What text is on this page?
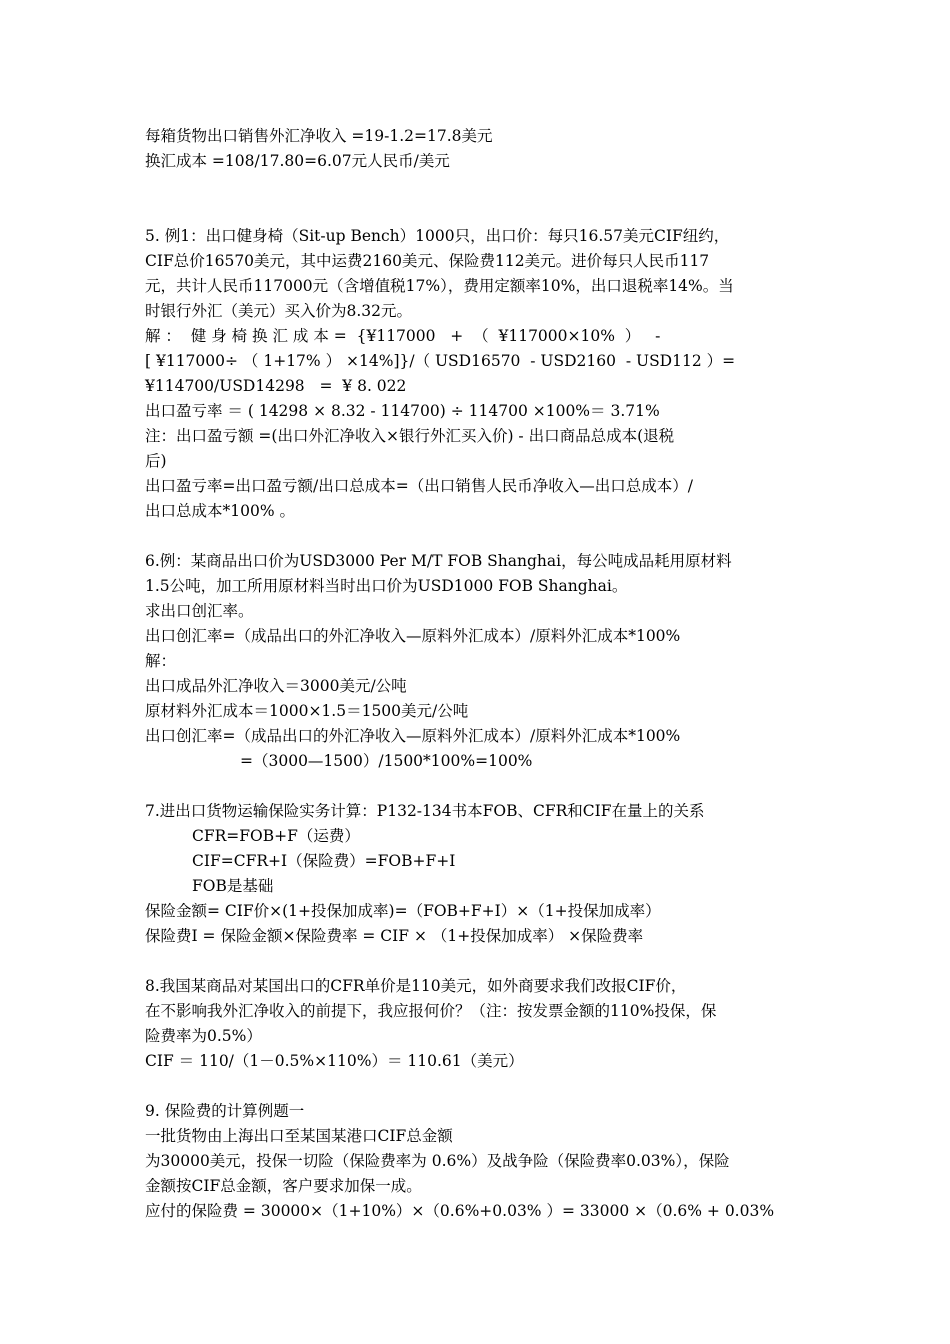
每箱货物出口销售外汇净收入 =19-1.2=17.8美元
换汇成本 =108/17.80=6.07元人民币/美元
5. 例1：出口健身椅（Sit-up Bench）1000只，出口价：每只16.57美元CIF纽约，
CIF总价16570美元，其中运费2160美元、保险费112美元。进价每只人民币117
元，共计人民币117000元（含增值税17%），费用定额率10%，出口退税率14%。当
时银行外汇（美元）买入价为8.32元。
解 ：  健 身 椅 换 汇 成 本 =  {¥117000   +  （  ¥117000×10%  ）   -
[ ¥117000÷ （ 1+17% ） ×14%]}/（ USD16570  - USD2160  - USD112 ）=
¥114700/USD14298   =  ¥ 8. 022
出口盈亏率 ＝ ( 14298 × 8.32 - 114700) ÷ 114700 ×100%＝ 3.71%
注：出口盈亏额 =(出口外汇净收入×银行外汇买入价) - 出口商品总成本(退税
后)
出口盈亏率=出口盈亏额/出口总成本=（出口销售人民币净收入—出口总成本）/
出口总成本*100% 。
6.例：某商品出口价为USD3000 Per M/T FOB Shanghai，每公吨成品耗用原材料
1.5公吨，加工所用原材料当时出口价为USD1000 FOB Shanghai。
求出口创汇率。
出口创汇率=（成品出口的外汇净收入—原料外汇成本）/原料外汇成本*100%
解：
出口成品外汇净收入＝3000美元/公吨
原材料外汇成本＝1000×1.5＝1500美元/公吨
出口创汇率=（成品出口的外汇净收入—原料外汇成本）/原料外汇成本*100%
=（3000—1500）/1500*100%=100%
7.进出口货物运输保险实务计算：P132-134书本FOB、CFR和CIF在量上的关系
CFR=FOB+F（运费）
CIF=CFR+I（保险费）=FOB+F+I
FOB是基础
保险金额= CIF价×(1+投保加成率)=（FOB+F+I）×（1+投保加成率）
保险费I = 保险金额×保险费率 = CIF × （1+投保加成率） ×保险费率
8.我国某商品对某国出口的CFR单价是110美元，如外商要求我们改报CIF价，
在不影响我外汇净收入的前提下，我应报何价？（注：按发票金额的110%投保，保
险费率为0.5%）
CIF ＝ 110/（1－0.5%×110%）＝ 110.61（美元）
9. 保险费的计算例题一
一批货物由上海出口至某国某港口CIF总金额
为30000美元，投保一切险（保险费率为 0.6%）及战争险（保险费率0.03%），保险
金额按CIF总金额，客户要求加保一成。
应付的保险费 = 30000×（1+10%）×（0.6%+0.03% ）= 33000 ×（0.6% + 0.03%
